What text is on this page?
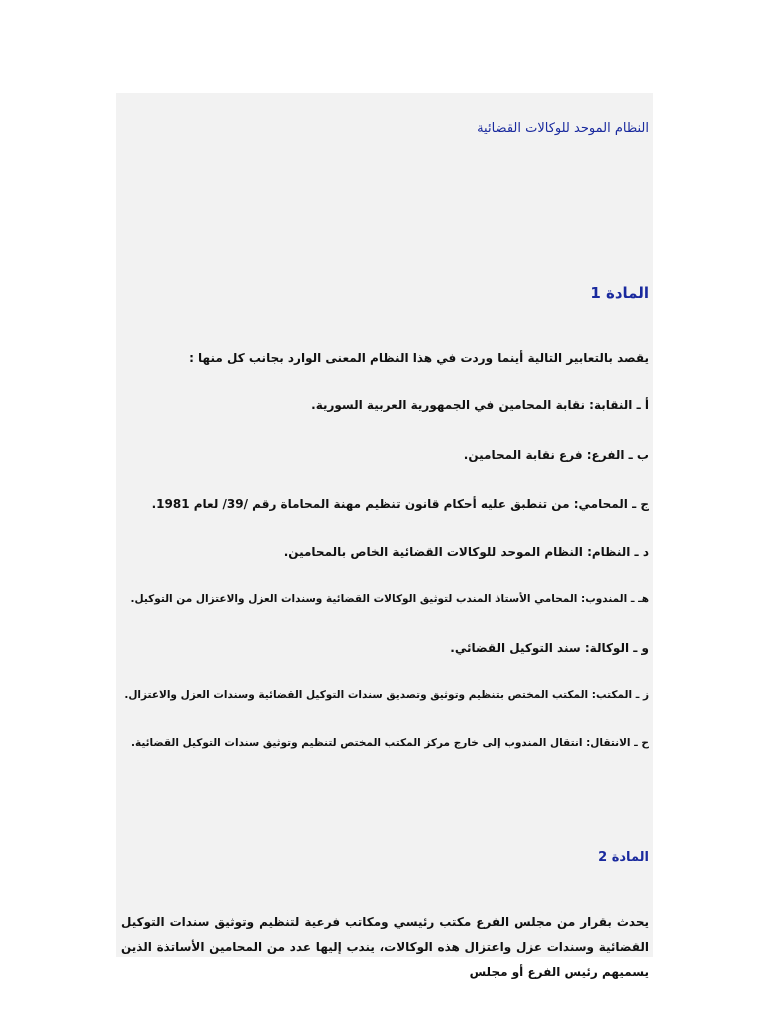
النظام الموحد للوكالات القضائية
المادة 1
يقصد بالتعابير التالية أينما وردت في هذا النظام المعنى الوارد بجانب كل منها :
أ ـ النقابة: نقابة المحامين في الجمهورية العربية السورية.
ب ـ الفرع: فرع نقابة المحامين.
ج ـ المحامي: من تنطبق عليه أحكام قانون تنظيم مهنة المحاماة رقم /39/ لعام 1981.
د ـ النظام: النظام الموحد للوكالات القضائية الخاص بالمحامين.
هـ ـ المندوب: المحامي الأستاذ المندب لتوثيق الوكالات القضائية وسندات العزل والاعتزال من التوكيل.
و ـ الوكالة: سند التوكيل القضائي.
ز ـ المكتب: المكتب المختص بتنظيم وتوثيق وتصديق سندات التوكيل القضائية وسندات العزل والاعتزال.
ح ـ الانتقال: انتقال المندوب إلى خارج مركز المكتب المختص لتنظيم وتوثيق سندات التوكيل القضائية.
المادة 2
يحدث بقرار من مجلس الفرع مكتب رئيسي ومكاتب فرعية لتنظيم وتوثيق سندات التوكيل القضائية وسندات عزل واعتزال هذه الوكالات، يندب إليها عدد من المحامين الأساتذة الذين يسميهم رئيس الفرع أو مجلس
